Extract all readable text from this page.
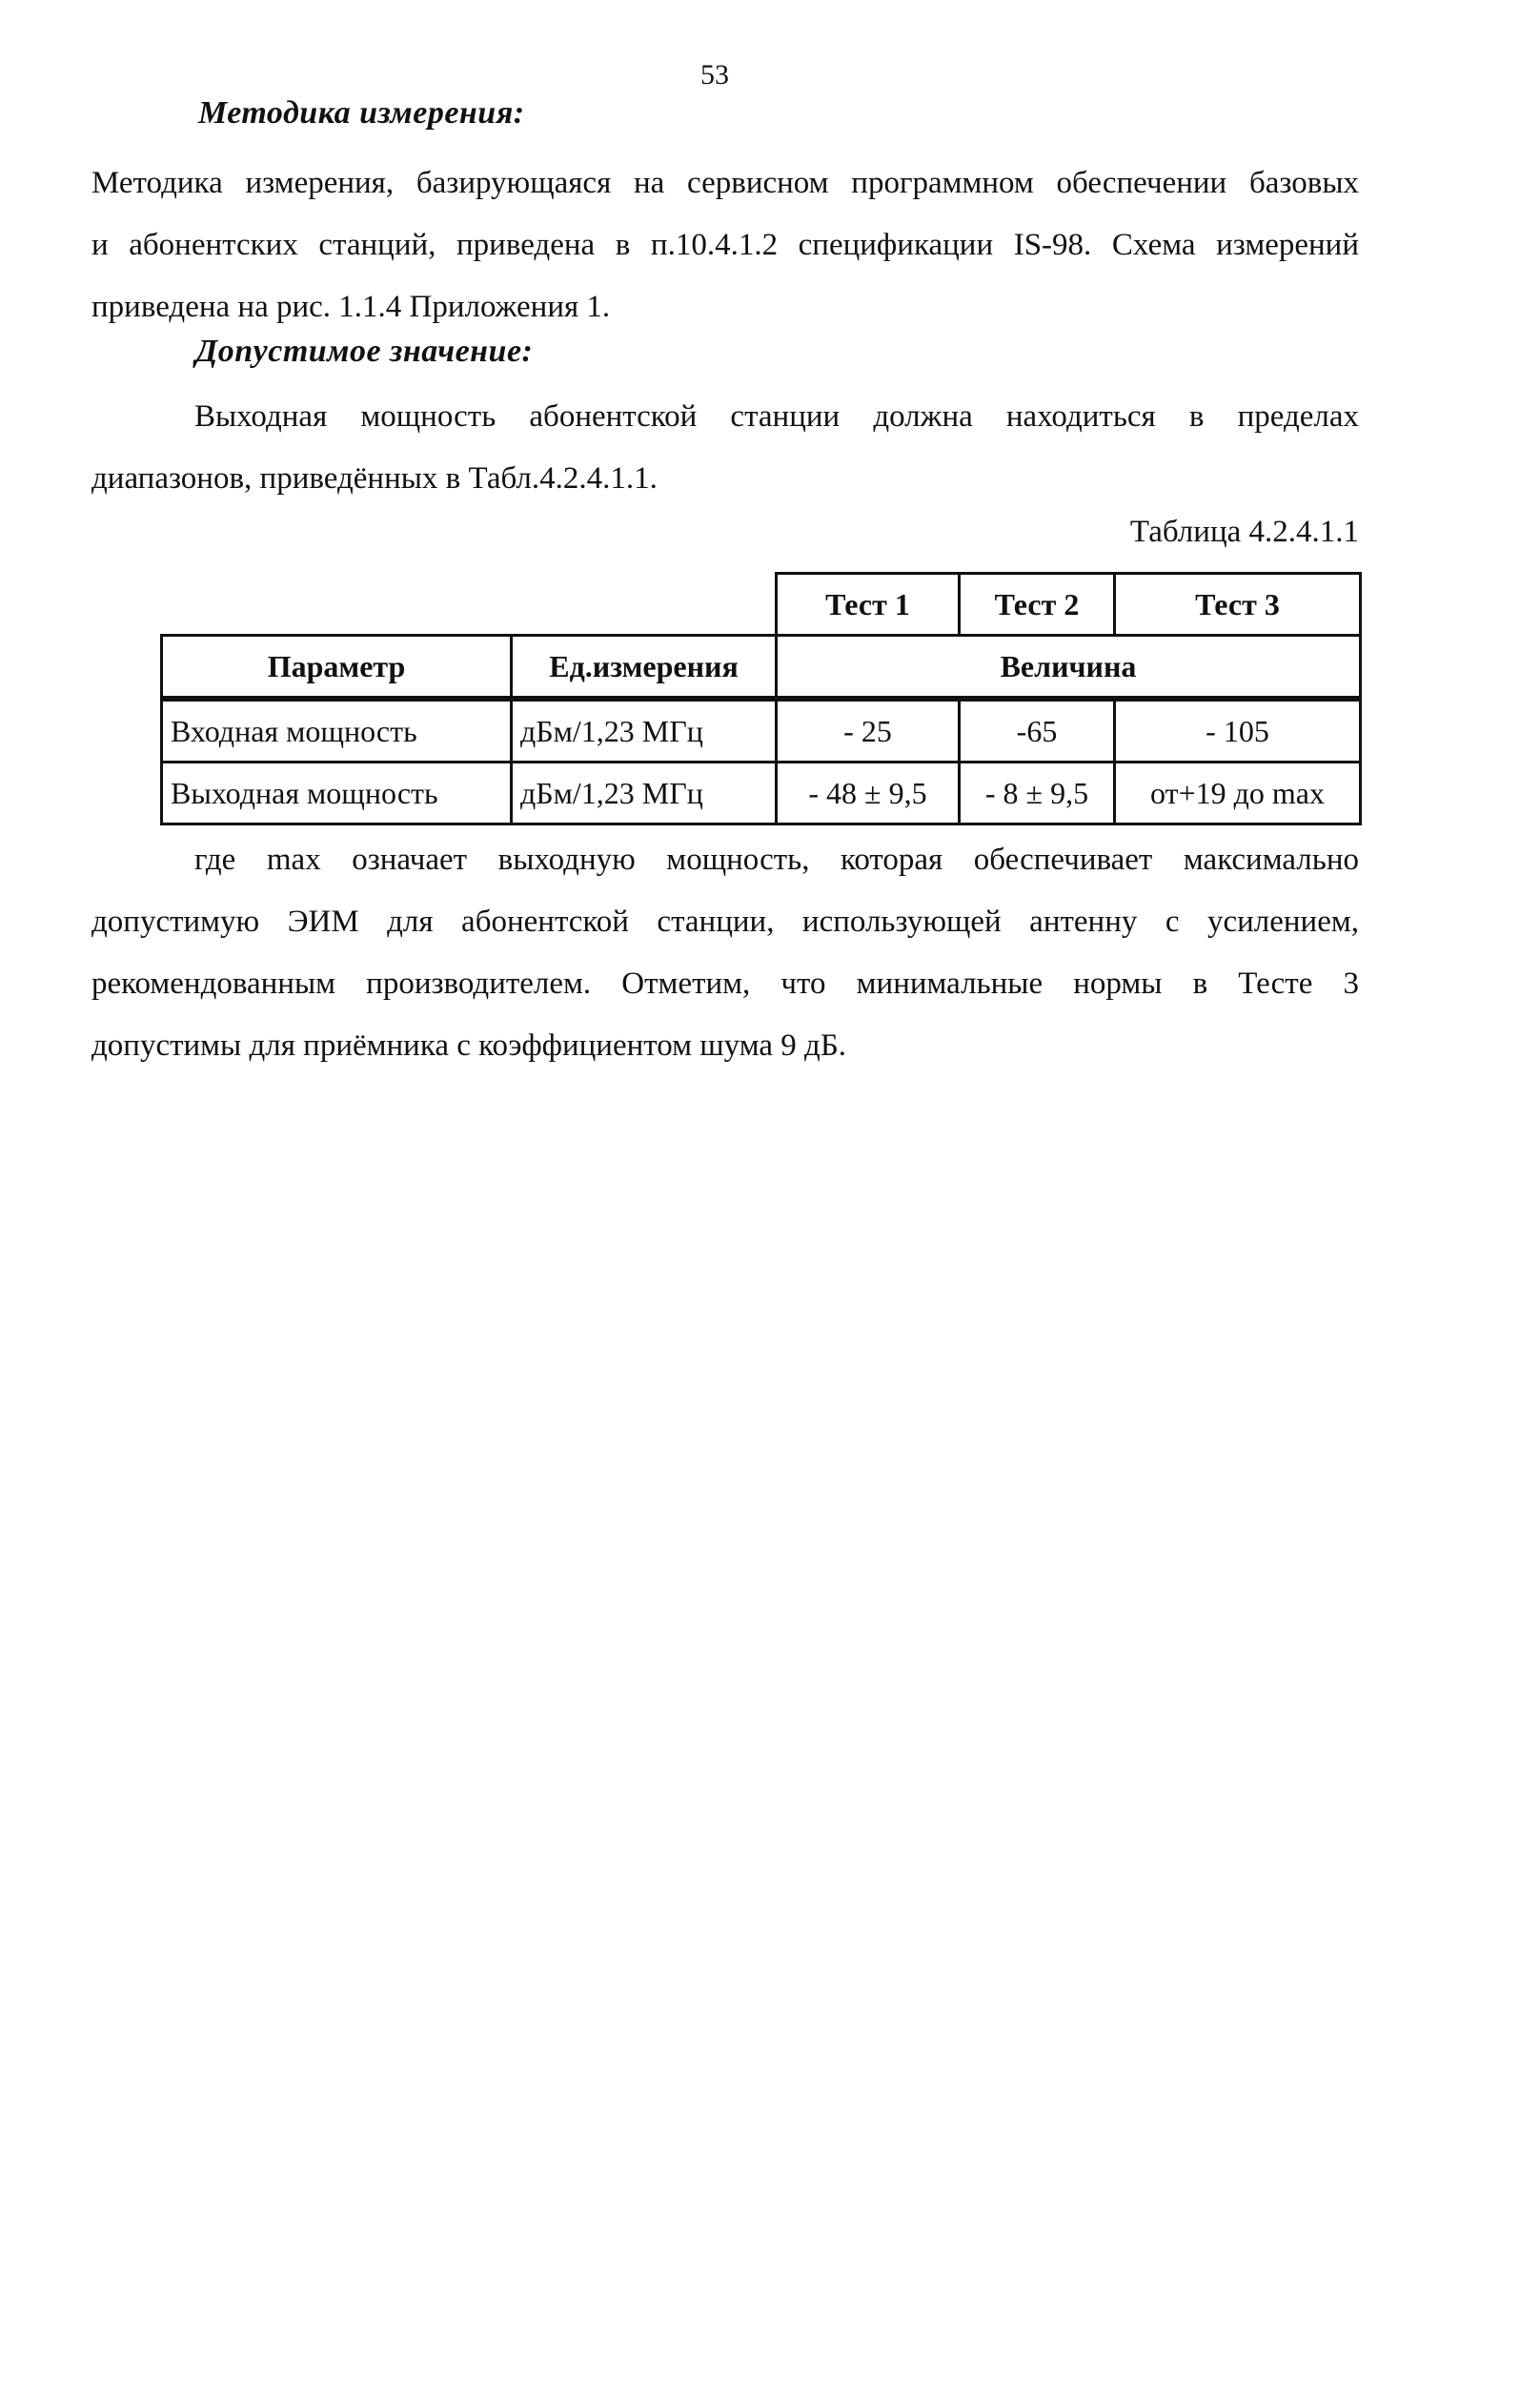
53
Методика измерения:
Методика измерения, базирующаяся на сервисном программном обеспечении базовых
и абонентских станций, приведена в п.10.4.1.2 спецификации IS-98. Схема измерений
приведена на рис. 1.1.4 Приложения 1.
Допустимое значение:
Выходная мощность абонентской станции должна находиться в пределах
диапазонов, приведённых в Табл.4.2.4.1.1.
Таблица 4.2.4.1.1
		Тест 1	Тест 2	Тест 3
Параметр	Ед.измерения	Величина		
Входная мощность	дБм/1,23 МГц	- 25	-65	- 105
Выходная мощность	дБм/1,23 МГц	- 48 ± 9,5	- 8 ± 9,5	от+19 до max
где max означает выходную мощность, которая обеспечивает максимально
допустимую ЭИМ для абонентской станции, использующей антенну с усилением,
рекомендованным производителем. Отметим, что минимальные нормы в Тесте 3
допустимы для приёмника с коэффициентом шума 9 дБ.
